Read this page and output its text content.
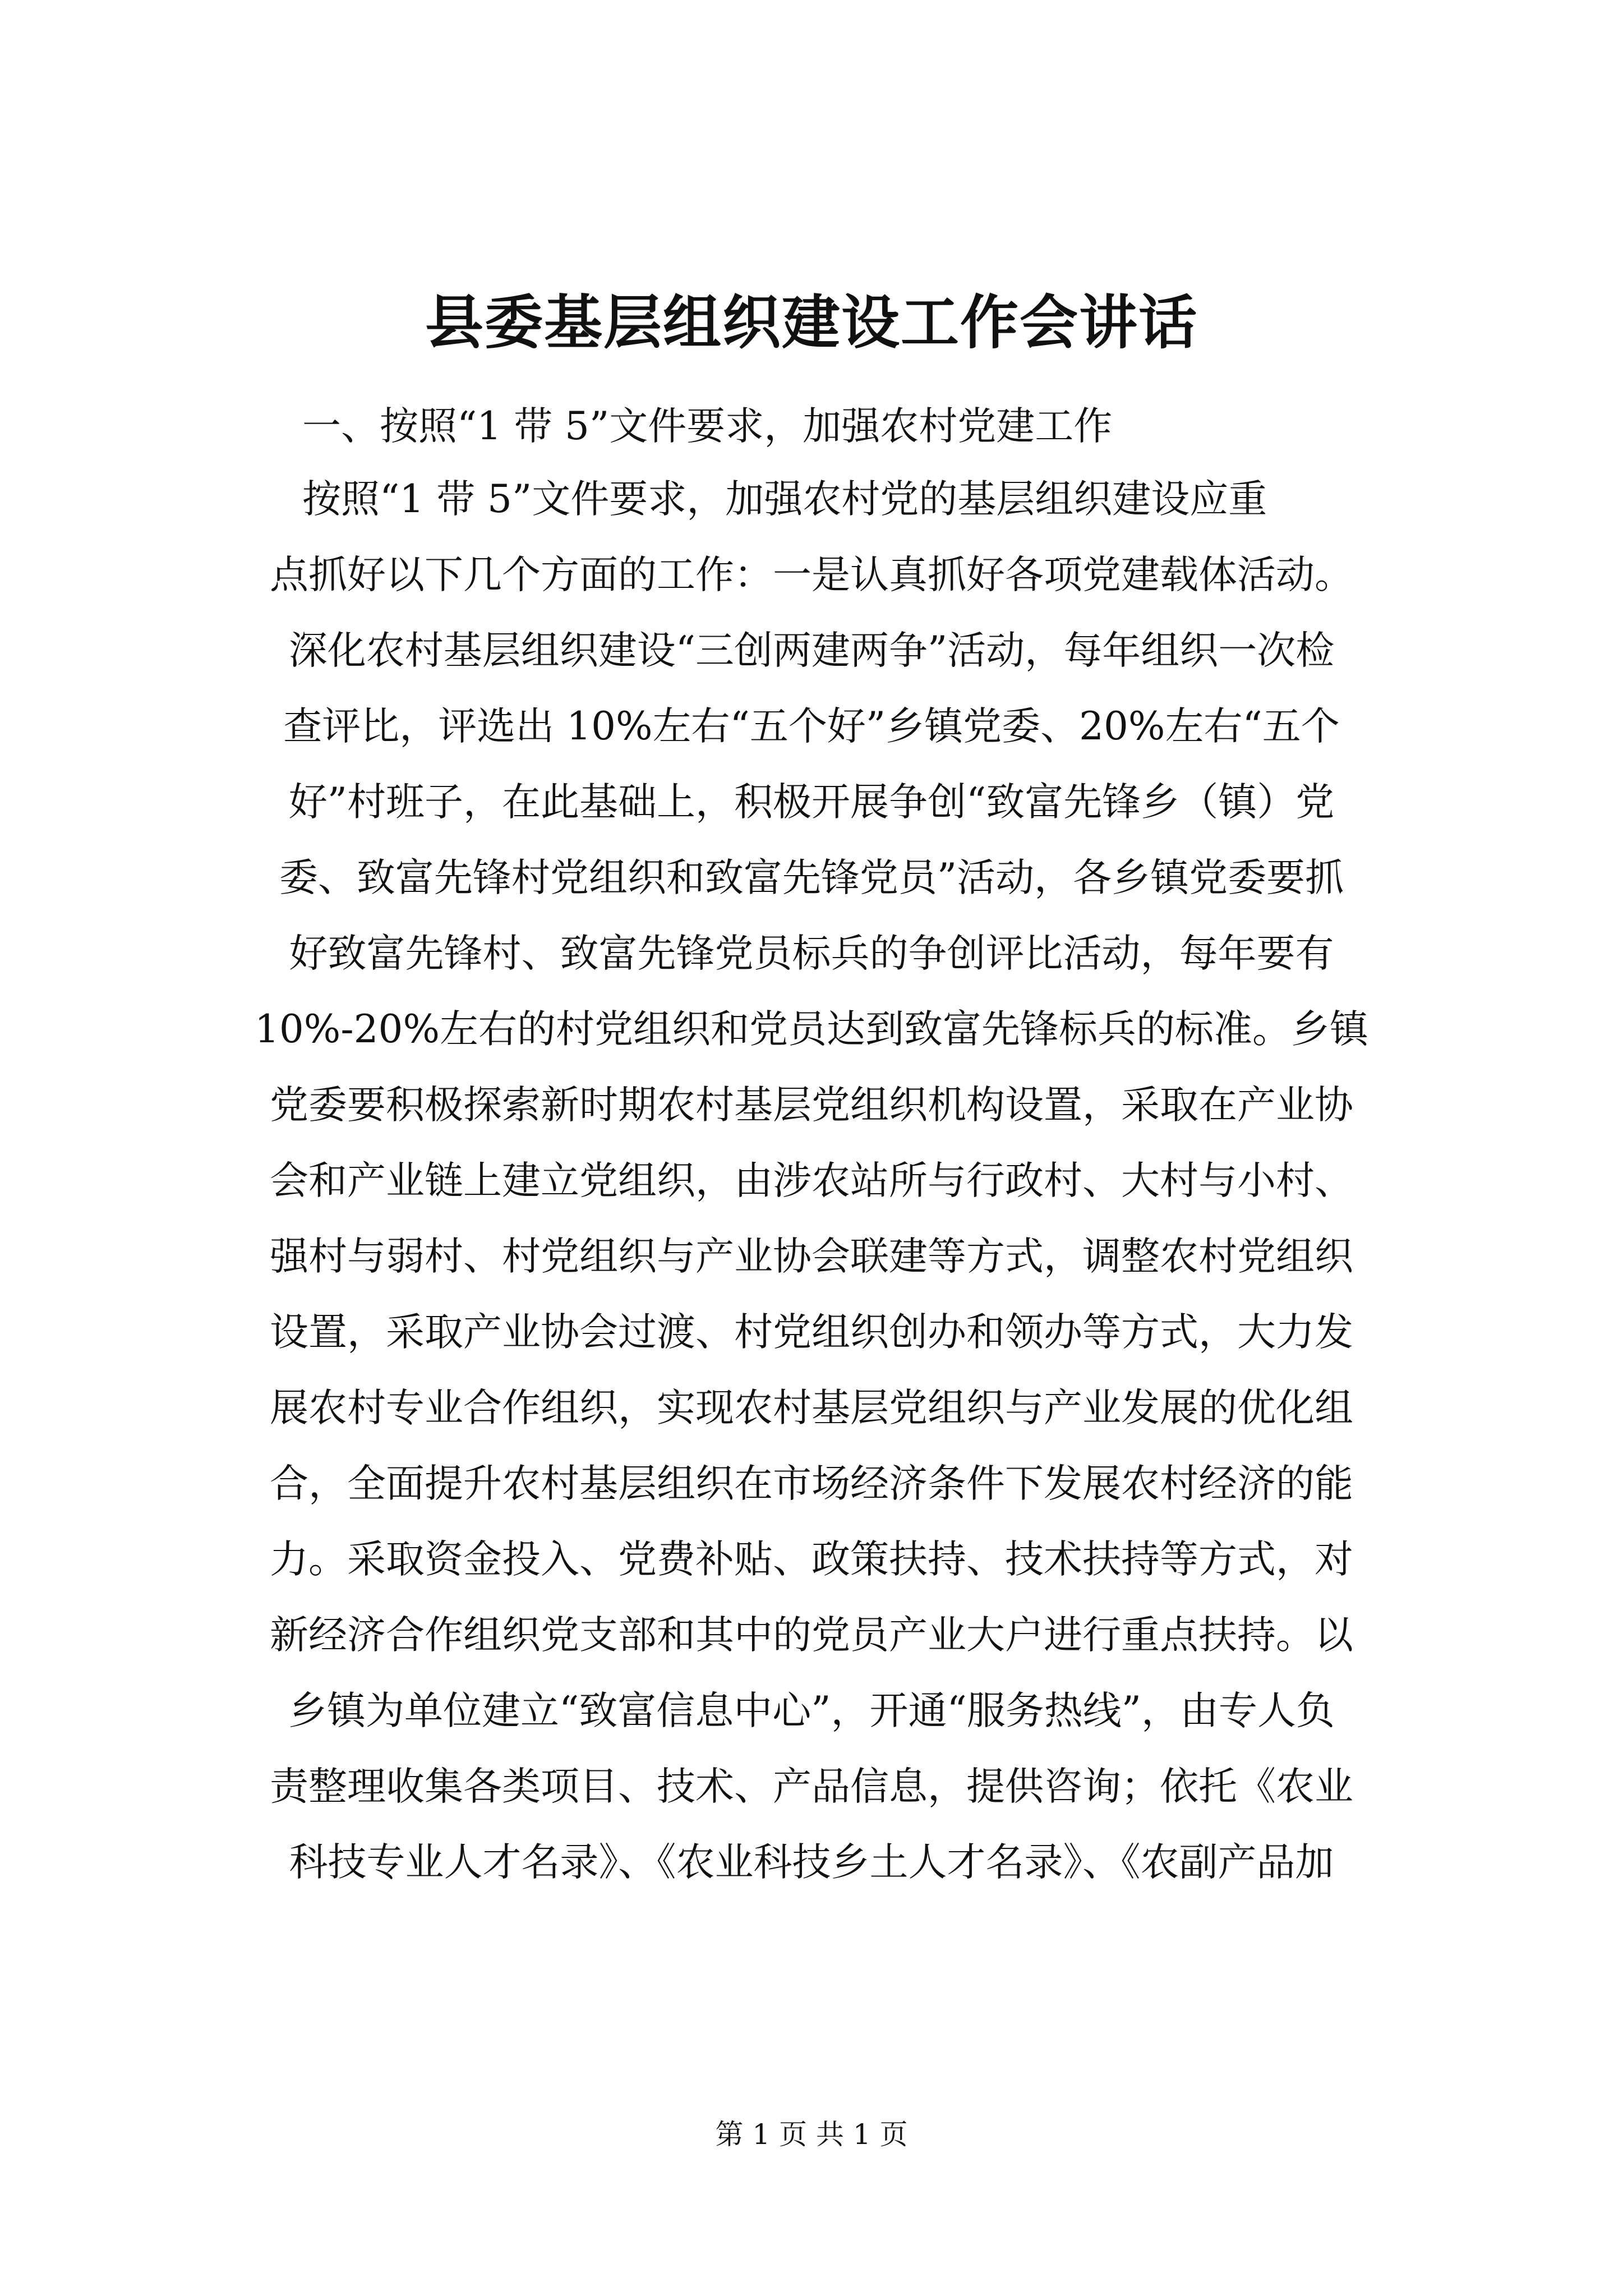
县委基层组织建设工作会讲话

一、按照“1 带 5”文件要求，加强农村党建工作

按照“1 带 5”文件要求，加强农村党的基层组织建设应重

点抓好以下几个方面的工作：一是认真抓好各项党建载体活动。

深化农村基层组织建设“三创两建两争”活动，每年组织一次检

查评比，评选出 10%左右“五个好”乡镇党委、20%左右“五个

好”村班子，在此基础上，积极开展争创“致富先锋乡（镇）党

委、致富先锋村党组织和致富先锋党员”活动，各乡镇党委要抓

好致富先锋村、致富先锋党员标兵的争创评比活动，每年要有

10%-20%左右的村党组织和党员达到致富先锋标兵的标准。乡镇

党委要积极探索新时期农村基层党组织机构设置，采取在产业协

会和产业链上建立党组织，由涉农站所与行政村、大村与小村、

强村与弱村、村党组织与产业协会联建等方式，调整农村党组织

设置，采取产业协会过渡、村党组织创办和领办等方式，大力发

展农村专业合作组织，实现农村基层党组织与产业发展的优化组

合，全面提升农村基层组织在市场经济条件下发展农村经济的能

力。采取资金投入、党费补贴、政策扶持、技术扶持等方式，对

新经济合作组织党支部和其中的党员产业大户进行重点扶持。以

乡镇为单位建立“致富信息中心”，开通“服务热线”，由专人负

责整理收集各类项目、技术、产品信息，提供咨询；依托《农业

科技专业人才名录》、《农业科技乡土人才名录》、《农副产品加

第 1 页 共 1 页
